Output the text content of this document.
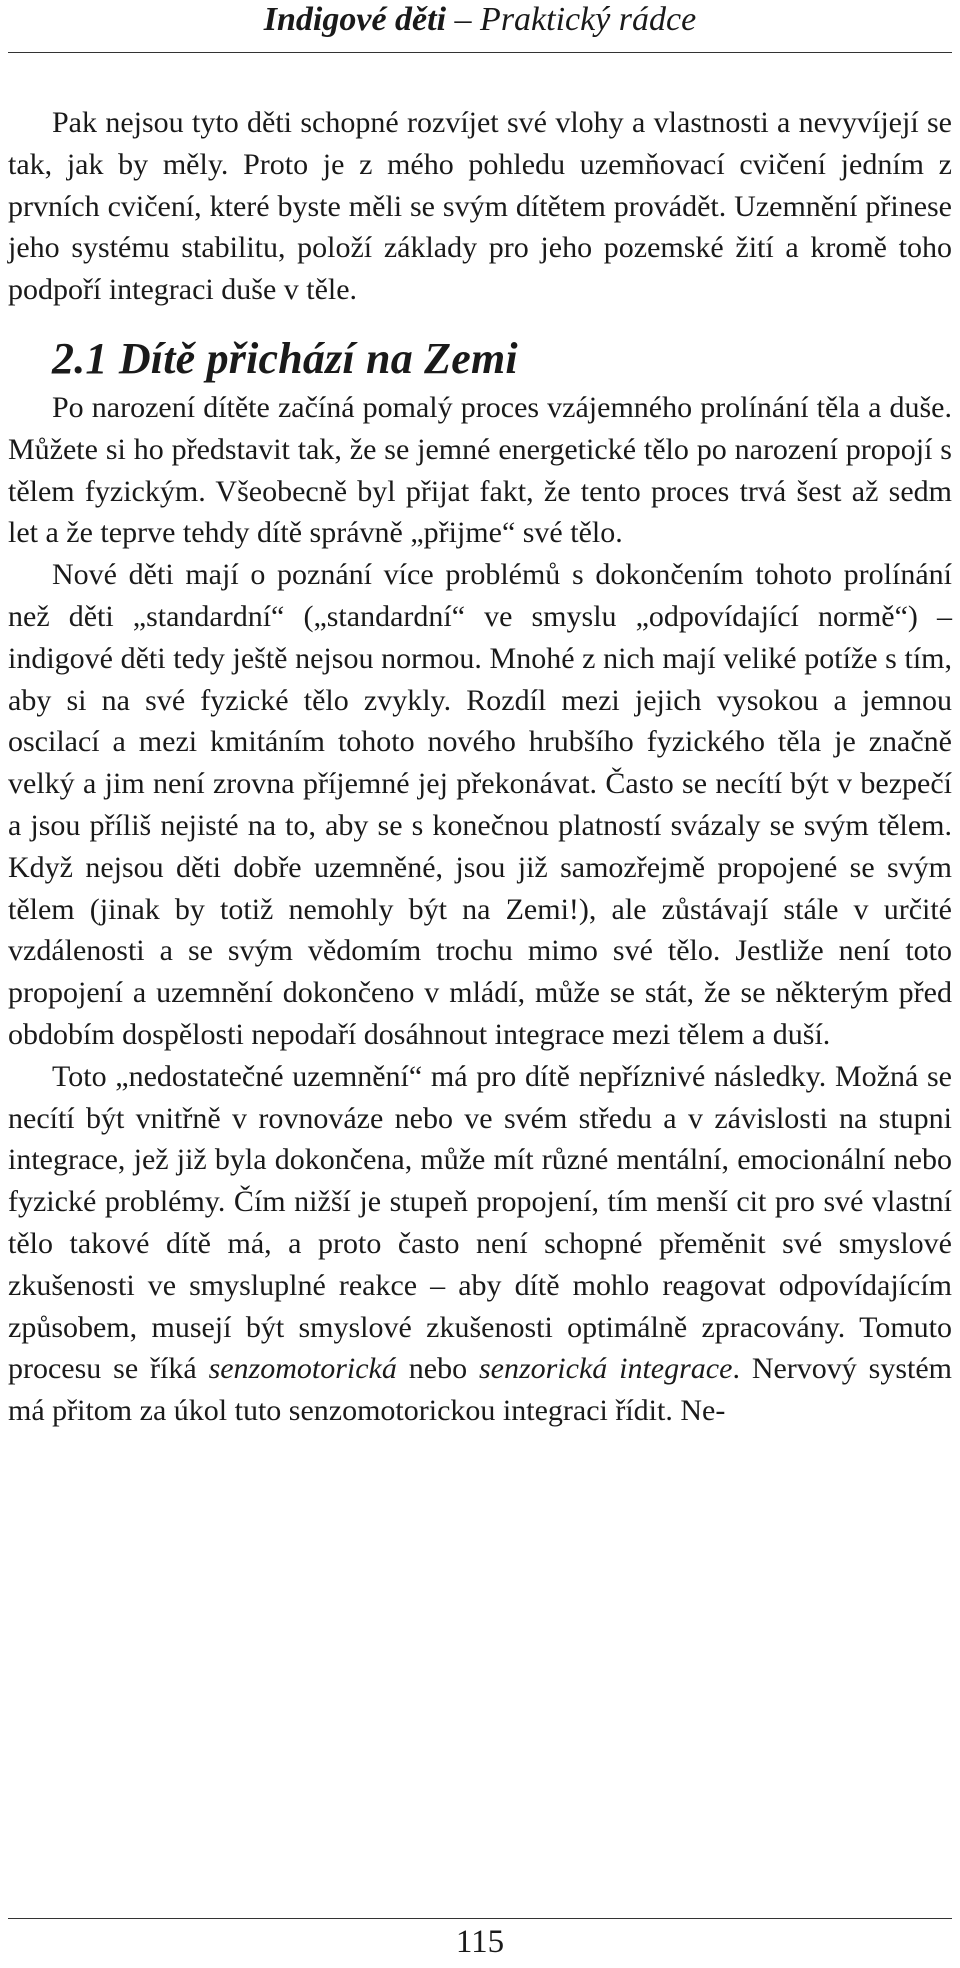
Indigové děti – Praktický rádce

Pak nejsou tyto děti schopné rozvíjet své vlohy a vlastnosti a nevyvíjejí se tak, jak by měly. Proto je z mého pohledu uzemňovací cvičení jedním z prvních cvičení, které byste měli se svým dítětem provádět. Uzemnění přinese jeho systému stabilitu, položí základy pro jeho pozemské žití a kromě toho podpoří integraci duše v těle.

2.1 Dítě přichází na Zemi

Po narození dítěte začíná pomalý proces vzájemného prolínání těla a duše. Můžete si ho představit tak, že se jemné energetické tělo po narození propojí s tělem fyzickým. Všeobecně byl přijat fakt, že tento proces trvá šest až sedm let a že teprve tehdy dítě správně „přijme“ své tělo.

Nové děti mají o poznání více problémů s dokončením tohoto prolínání než děti „standardní“ („standardní“ ve smyslu „odpovídající normě“) – indigové děti tedy ještě nejsou normou. Mnohé z nich mají veliké potíže s tím, aby si na své fyzické tělo zvykly. Rozdíl mezi jejich vysokou a jemnou oscilací a mezi kmitáním tohoto nového hrubšího fyzického těla je značně velký a jim není zrovna příjemné jej překonávat. Často se necítí být v bezpečí a jsou příliš nejisté na to, aby se s konečnou platností svázaly se svým tělem. Když nejsou děti dobře uzemněné, jsou již samozřejmě propojené se svým tělem (jinak by totiž nemohly být na Zemi!), ale zůstávají stále v určité vzdálenosti a se svým vědomím trochu mimo své tělo. Jestliže není toto propojení a uzemnění dokončeno v mládí, může se stát, že se některým před obdobím dospělosti nepodaří dosáhnout integrace mezi tělem a duší.

Toto „nedostatečné uzemnění“ má pro dítě nepříznivé následky. Možná se necítí být vnitřně v rovnováze nebo ve svém středu a v závislosti na stupni integrace, jež již byla dokončena, může mít různé mentální, emocionální nebo fyzické problémy. Čím nižší je stupeň propojení, tím menší cit pro své vlastní tělo takové dítě má, a proto často není schopné přeměnit své smyslové zkušenosti ve smysluplné reakce – aby dítě mohlo reagovat odpovídajícím způsobem, musejí být smyslové zkušenosti optimálně zpracovány. Tomuto procesu se říká senzomotorická nebo senzorická integrace. Nervový systém má přitom za úkol tuto senzomotorickou integraci řídit. Ne-

115
